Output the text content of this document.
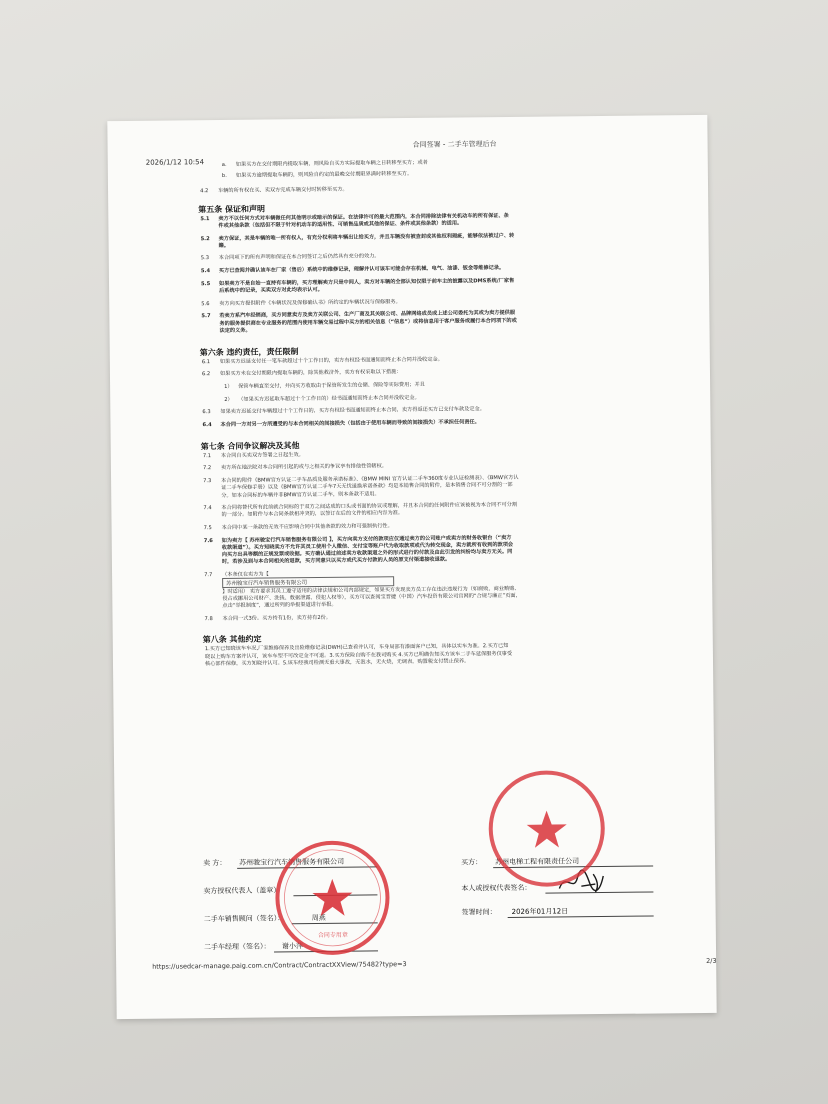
2026/1/12 10:54
合同签署 - 二手车管理后台
a. 如果买方在交付期限内提取车辆，则风险自买方实际提取车辆之日转移至买方；或者
b. 如果买方逾期提取车辆的，则风险自约定的最晚交付期限界满时转移至买方。
4.2 车辆的所有权在买、卖双方完成车辆交付时转移至买方。
第五条 保证和声明
5.1 卖方不以任何方式对车辆做任何其他明示或暗示的保证。在法律许可的最大范围内，本合同排除法律有关机动车的所有保证、条
件或其他条款（包括但不限于针对机动车的适用性、可销售品质或其他的保证、条件或其他条款）的适用。
5.2 卖方保证，其是车辆的唯一所有权人，有充分权利将车辆出让给买方，并且车辆没有被查封或其他权利瑕疵，能够依法被过户、转
籍。
5.3 本合同项下的所有声明和保证在本合同签订之后仍然具有充分的效力。
5.4 买方已查阅并确认该车在厂家（售后）系统中的维修记录，理解并认可该车可能会存在机械、电气、油漆、钣金等维修记录。
5.5 如果卖方不是自始一直持有车辆的，买方理解卖方只是中间人，卖方对车辆的全部认知仅限于前车主的披露以及DMS系统/厂家售
后系统中的记录，买卖双方对此均表示认可。
5.6 卖方向买方提供附件《车辆状况及保修确认书》所约定的车辆状况与保修服务。
5.7 若卖方系汽车经销商，买方同意卖方及卖方关联公司、生产厂商及其关联公司、品牌网络成员或上述公司委托为其或为卖方提供服
务的服务提供商在专业服务的范围内使用车辆交易过程中买方的相关信息（“信息”）或将信息用于客户服务或履行本合同项下的或
法定的义务。
第六条 违约责任，责任限制
6.1 如果买方迟延支付任一笔车款超过十个工作日的，卖方有权经书面通知而终止本合同并没收定金。
6.2 如果买方未在交付期限内提取车辆的，除其他救济外，卖方有权采取以下措施：
1） 保管车辆直至交付，并向买方收取由于保管所发生的仓储、保险等实际费用；并且
2） （如果买方迟延取车超过十个工作日的）经书面通知而终止本合同并没收定金。
6.3 如果卖方迟延交付车辆超过十个工作日的，买方有权经书面通知而终止本合同，卖方得返还买方已支付车款及定金。
6.4 本合同一方对另一方所遭受的与本合同相关的间接损失（包括由于使用车辆而导致的间接损失）不承担任何责任。
第七条 合同争议解决及其他
7.1 本合同自买卖双方签署之日起生效。
7.2 卖方所在地法院对本合同所引起的或与之相关的争议享有排他性管辖权。
7.3 本合同的附件《BMW官方认证二手车品质及服务承诺标准》、《BMW MINI 官方认证二手车360度专业认证检测表》、《BMW官方认
证二手车保修手册》以及《BMW官方认证二手车7天无忧退换承诺条款》均是本销售合同的附件，是本销售合同不可分割的一部
分。如本合同标的车辆并非BMW官方认证二手车，则本条款不适用。
7.4 本合同将替代所有此前就合同标的于双方之间达成的口头或书面的协议或理解，并且本合同的任何附件应该被视为本合同不可分割
的一部分。如附件与本合同条款相冲突的，以签订在后的文件的相应内容为准。
7.5 本合同中某一条款的无效不应影响合同中其他条款的效力和可强制执行性。
7.6 如为卖方【 苏州骏宝行汽车销售服务有限公司 】，买方向卖方支付的款项应仅通过卖方的公司账户或卖方的财务收银台（“卖方
收款渠道”）。买方知晓卖方不允许其员工使用个人微信、支付宝等账户代为收取款项或代为转交现金，卖方就所有收到的款项会
向买方出具等额的正规发票或收据。买方确认通过前述卖方收款渠道之外的形式进行的付款及由此引发的纠纷均与卖方无关。同
时，若涉及到与本合同相关的退款，买方同意只以买方或代买方付款的人员的原支付渠道接收退款。
7.7 （本条仅在卖方为【
苏州骏宝行汽车销售服务有限公司
】时适用） 卖方要求其员工遵守适用的法律法规和公司内部规定，如果买方发现卖方员工存在违法违规行为（如腐败、商业贿赂、
侵占或挪用公司财产、洗钱、数据泄露、侵犯人权等），买方可以查阅宝晋捷（中国）汽车投资有限公司官网的“合规与廉正”页面，
点击“举报制度”，通过所列的举报渠道进行举报。
7.8 本合同一式3份。买方持有1份，卖方持有2份。
第八条 其他约定
1.买方已知晓该车车况,厂家维修保养及出险维修记录(DWH)已查看并认可，车身局部有漆面客户已知，具体以实车为准。2.买方已知
晓以上购车方案并认可，该车车型不可改定金不可退。3.买方保险自购不在我司购买 4.买方已明确告知买方该车二手车延保服务仅事受
核心部件保修，买方知晓并认可。5.该车经我司检测无重大事故，无泡水，无火烧，无调表。购置税支付禁止保养。
卖 方： 苏州骏宝行汽车销售服务有限公司
卖方授权代表人（盖章）
二手车销售顾问（签名）：	周燕
二手车经理（签名）： 谢小萍
买方： 苏州电梯工程有限责任公司
本人或授权代表签名：
签署时间： 2026年01月12日
合同专用章
https://usedcar-manage.paig.com.cn/Contract/ContractXXView/75482?type=3	2/3
